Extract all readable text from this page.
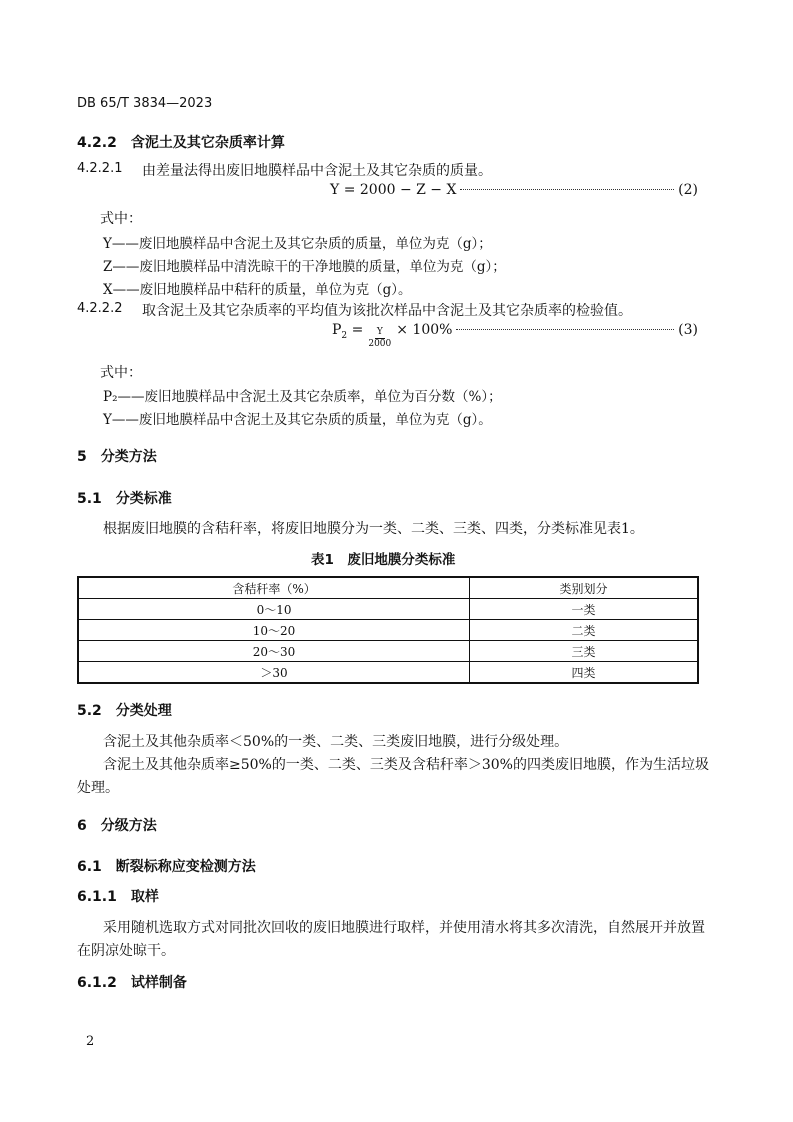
DB 65/T 3834—2023
4.2.2　含泥土及其它杂质率计算
4.2.2.1 由差量法得出废旧地膜样品中含泥土及其它杂质的质量。
Y = 2000 − Z − X	(2)
式中：
Y——废旧地膜样品中含泥土及其它杂质的质量，单位为克（g）；
Z——废旧地膜样品中清洗晾干的干净地膜的质量，单位为克（g）；
X——废旧地膜样品中秸秆的质量，单位为克（g）。
4.2.2.2 取含泥土及其它杂质率的平均值为该批次样品中含泥土及其它杂质率的检验值。
$P_2 = \frac{Y}{2000} \times 100\%$	(3)
式中：
P₂——废旧地膜样品中含泥土及其它杂质率，单位为百分数（%）；
Y——废旧地膜样品中含泥土及其它杂质的质量，单位为克（g）。
5　分类方法
5.1　分类标准
根据废旧地膜的含秸秆率，将废旧地膜分为一类、二类、三类、四类，分类标准见表1。
表1　废旧地膜分类标准
含秸秆率（%）	类别划分
0～10	一类
10～20	二类
20～30	三类
＞30	四类
5.2　分类处理
含泥土及其他杂质率＜50%的一类、二类、三类废旧地膜，进行分级处理。
含泥土及其他杂质率≥50%的一类、二类、三类及含秸秆率＞30%的四类废旧地膜，作为生活垃圾
处理。
6　分级方法
6.1　断裂标称应变检测方法
6.1.1　取样
采用随机选取方式对同批次回收的废旧地膜进行取样，并使用清水将其多次清洗，自然展开并放置
在阴凉处晾干。
6.1.2　试样制备
2
